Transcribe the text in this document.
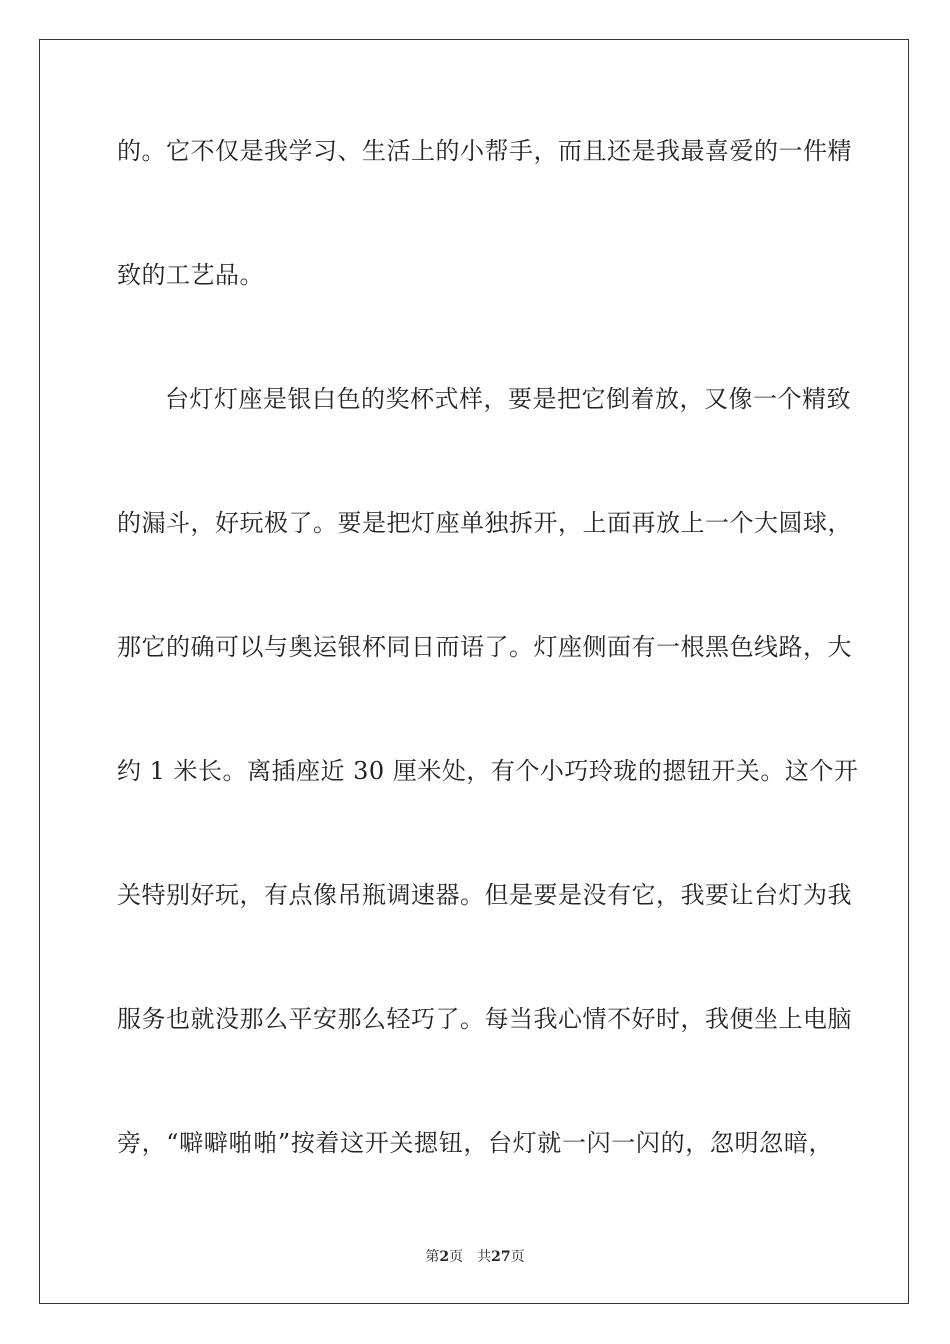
的。它不仅是我学习、生活上的小帮手，而且还是我最喜爱的一件精
致的工艺品。
台灯灯座是银白色的奖杯式样，要是把它倒着放，又像一个精致
的漏斗，好玩极了。要是把灯座单独拆开，上面再放上一个大圆球，
那它的确可以与奥运银杯同日而语了。灯座侧面有一根黑色线路，大
约 1 米长。离插座近 30 厘米处，有个小巧玲珑的摁钮开关。这个开
关特别好玩，有点像吊瓶调速器。但是要是没有它，我要让台灯为我
服务也就没那么平安那么轻巧了。每当我心情不好时，我便坐上电脑
旁，“噼噼啪啪”按着这开关摁钮，台灯就一闪一闪的，忽明忽暗，
第2页 共27页
